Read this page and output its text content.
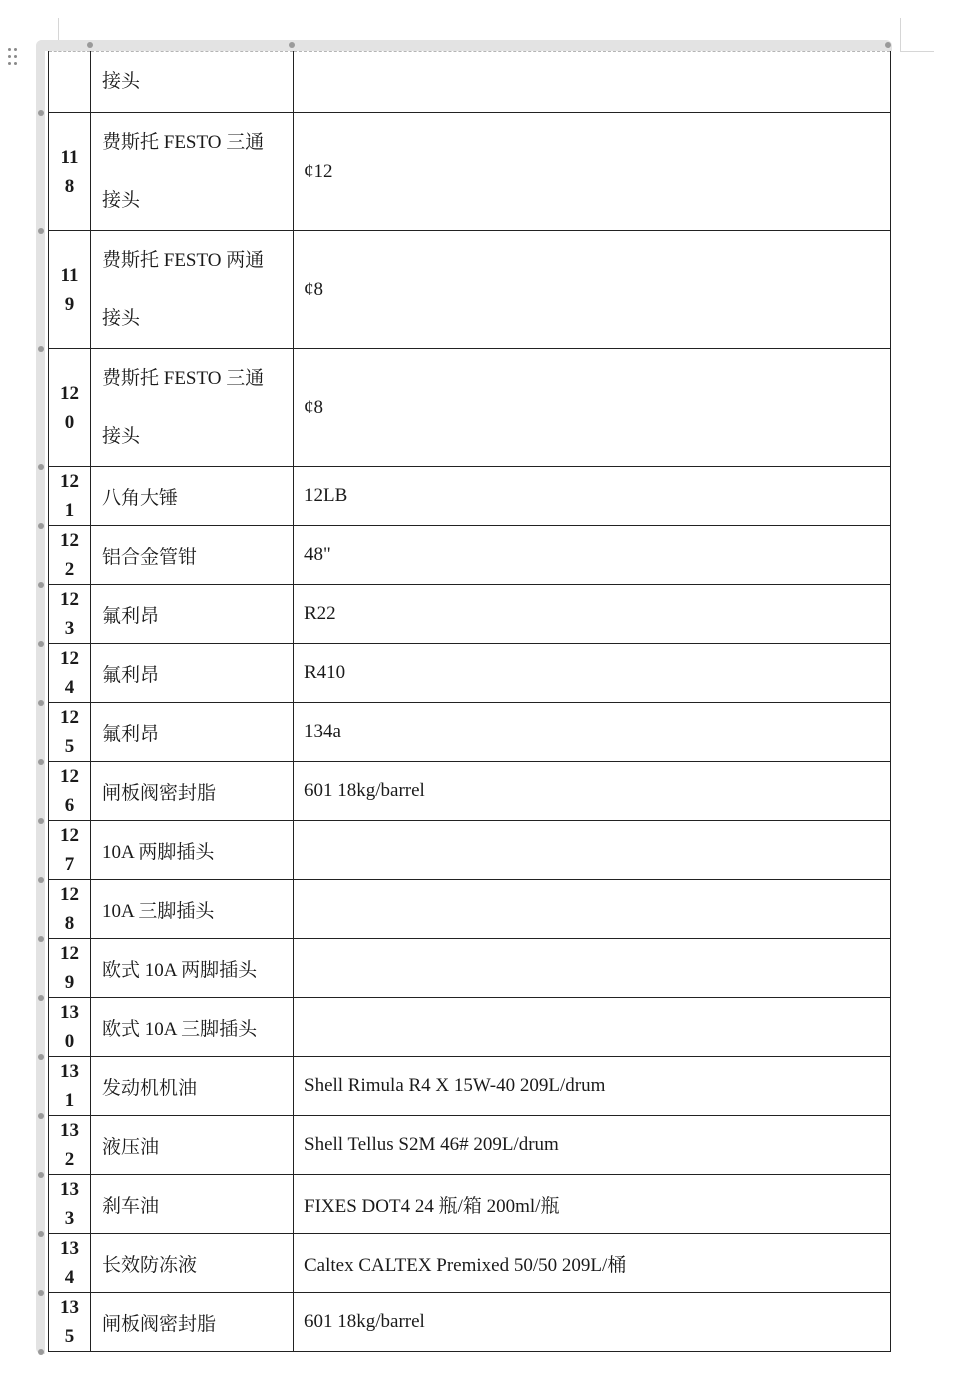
	接头	
118	费斯托 FESTO 三通接头	¢12
119	费斯托 FESTO 两通接头	¢8
120	费斯托 FESTO 三通接头	¢8
121	八角大锤	12LB
122	铝合金管钳	48"
123	氟利昂	R22
124	氟利昂	R410
125	氟利昂	134a
126	闸板阀密封脂	601 18kg/barrel
127	10A 两脚插头	
128	10A 三脚插头	
129	欧式 10A 两脚插头	
130	欧式 10A 三脚插头	
131	发动机机油	Shell Rimula R4 X 15W-40 209L/drum
132	液压油	Shell Tellus S2M 46# 209L/drum
133	刹车油	FIXES DOT4 24 瓶/箱 200ml/瓶
134	长效防冻液	Caltex CALTEX Premixed 50/50 209L/桶
135	闸板阀密封脂	601 18kg/barrel
